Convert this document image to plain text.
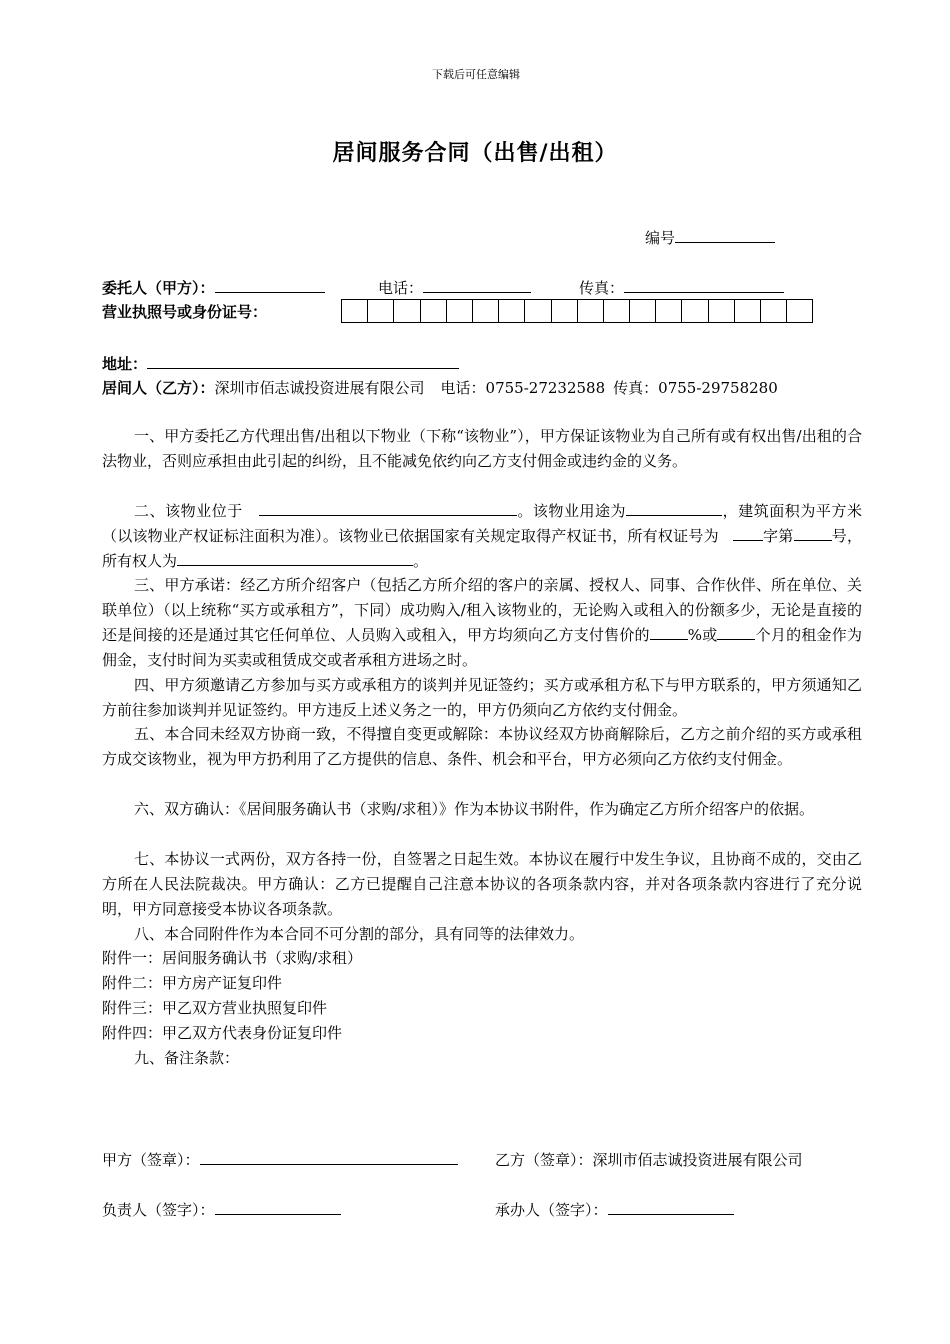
下载后可任意编辑
居间服务合同（出售/出租）
编号
委托人（甲方）：	电话：	传真：
营业执照号或身份证号：
地址：
居间人（乙方）：深圳市佰志诚投资进展有限公司 电话：0755-27232588 传真：0755-29758280
一、甲方委托乙方代理出售/出租以下物业（下称“该物业”），甲方保证该物业为自己所有或有权出售/出租的合法物业，否则应承担由此引起的纠纷，且不能减免依约向乙方支付佣金或违约金的义务。
二、该物业位于	。该物业用途为	，建筑面积为平方米（以该物业产权证标注面积为准）。该物业已依据国家有关规定取得产权证书，所有权证号为	字第	号，所有权人为	。
三、甲方承诺：经乙方所介绍客户（包括乙方所介绍的客户的亲属、授权人、同事、合作伙伴、所在单位、关联单位）（以上统称“买方或承租方”，下同）成功购入/租入该物业的，无论购入或租入的份额多少，无论是直接的还是间接的还是通过其它任何单位、人员购入或租入，甲方均须向乙方支付售价的	%或	个月的租金作为佣金，支付时间为买卖或租赁成交或者承租方进场之时。
四、甲方须邀请乙方参加与买方或承租方的谈判并见证签约；买方或承租方私下与甲方联系的，甲方须通知乙方前往参加谈判并见证签约。甲方违反上述义务之一的，甲方仍须向乙方依约支付佣金。
五、本合同未经双方协商一致，不得擅自变更或解除：本协议经双方协商解除后，乙方之前介绍的买方或承租方成交该物业，视为甲方扔利用了乙方提供的信息、条件、机会和平台，甲方必须向乙方依约支付佣金。
六、双方确认：《居间服务确认书（求购/求租）》作为本协议书附件，作为确定乙方所介绍客户的依据。
七、本协议一式两份，双方各持一份，自签署之日起生效。本协议在履行中发生争议，且协商不成的，交由乙方所在人民法院裁决。甲方确认：乙方已提醒自己注意本协议的各项条款内容，并对各项条款内容进行了充分说明，甲方同意接受本协议各项条款。
八、本合同附件作为本合同不可分割的部分，具有同等的法律效力。
附件一：居间服务确认书（求购/求租）
附件二：甲方房产证复印件
附件三：甲乙双方营业执照复印件
附件四：甲乙双方代表身份证复印件
九、备注条款：
甲方（签章）：	乙方（签章）：深圳市佰志诚投资进展有限公司
负责人（签字）：	承办人（签字）：
